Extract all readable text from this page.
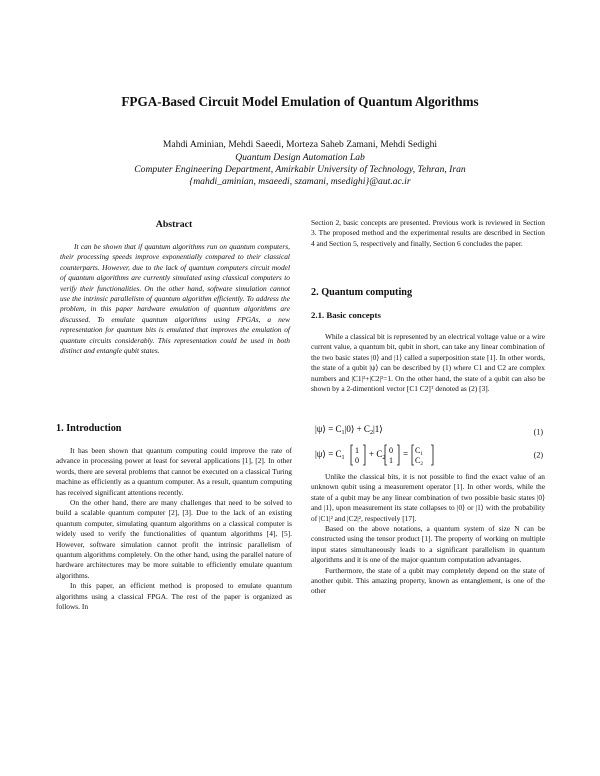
FPGA-Based Circuit Model Emulation of Quantum Algorithms
Mahdi Aminian, Mehdi Saeedi, Morteza Saheb Zamani, Mehdi Sedighi
Quantum Design Automation Lab
Computer Engineering Department, Amirkabir University of Technology, Tehran, Iran
{mahdi_aminian, msaeedi, szamani, msedighi}@aut.ac.ir
Abstract

It can be shown that if quantum algorithms run on quantum computers, their processing speeds improve exponentially compared to their classical counterparts. However, due to the lack of quantum computers circuit model of quantum algorithms are currently simulated using classical computers to verify their functionalities. On the other hand, software simulation cannot use the intrinsic parallelism of quantum algorithm efficiently. To address the problem, in this paper hardware emulation of quantum algorithms are discussed. To emulate quantum algorithms using FPGAs, a new representation for quantum bits is emulated that improves the emulation of quantum circuits considerably. This representation could be used in both distinct and entangle qubit states.

1. Introduction

It has been shown that quantum computing could improve the rate of advance in processing power at least for several applications [1], [2]. In other words, there are several problems that cannot be executed on a classical Turing machine as efficiently as a quantum computer. As a result, quantum computing has received significant attentions recently.

On the other hand, there are many challenges that need to be solved to build a scalable quantum computer [2], [3]. Due to the lack of an existing quantum computer, simulating quantum algorithms on a classical computer is widely used to verify the functionalities of quantum algorithms [4], [5]. However, software simulation cannot profit the intrinsic parallelism of quantum algorithms completely. On the other hand, using the parallel nature of hardware architectures may be more suitable to efficiently emulate quantum algorithms.

In this paper, an efficient method is proposed to emulate quantum algorithms using a classical FPGA. The rest of the paper is organized as follows. In

Section 2, basic concepts are presented. Previous work is reviewed in Section 3. The proposed method and the experimental results are described in Section 4 and Section 5, respectively and finally, Section 6 concludes the paper.

2. Quantum computing
2.1. Basic concepts

While a classical bit is represented by an electrical voltage value or a wire current value, a quantum bit, qubit in short, can take any linear combination of the two basic states |0⟩ and |1⟩ called a superposition state [1]. In other words, the state of a qubit |ψ⟩ can be described by (1) where C1 and C2 are complex numbers and |C1|²+|C2|²=1. On the other hand, the state of a qubit can also be shown by a 2-dimentionl vector [C1 C2]ᵀ denoted as (2) [3].

|ψ⟩ = $C_1|0⟩$ + $C_2|1⟩$	(1)
|ψ⟩ = $C_1$
1
0
+ $C_2$
0
1
= $C_1$
$C_2$
(2)

Unlike the classical bits, it is not possible to find the exact value of an unknown qubit using a measurement operator [1]. In other words, while the state of a qubit may be any linear combination of two possible basic states |0⟩ and |1⟩, upon measurement its state collapses to |0⟩ or |1⟩ with the probability of |C1|² and |C2|², respectively [17].

Based on the above notations, a quantum system of size N can be constructed using the tensor product [1]. The property of working on multiple input states simultaneously leads to a significant parallelism in quantum algorithms and it is one of the major quantum computation advantages.

Furthermore, the state of a qubit may completely depend on the state of another qubit. This amazing property, known as entanglement, is one of the other
